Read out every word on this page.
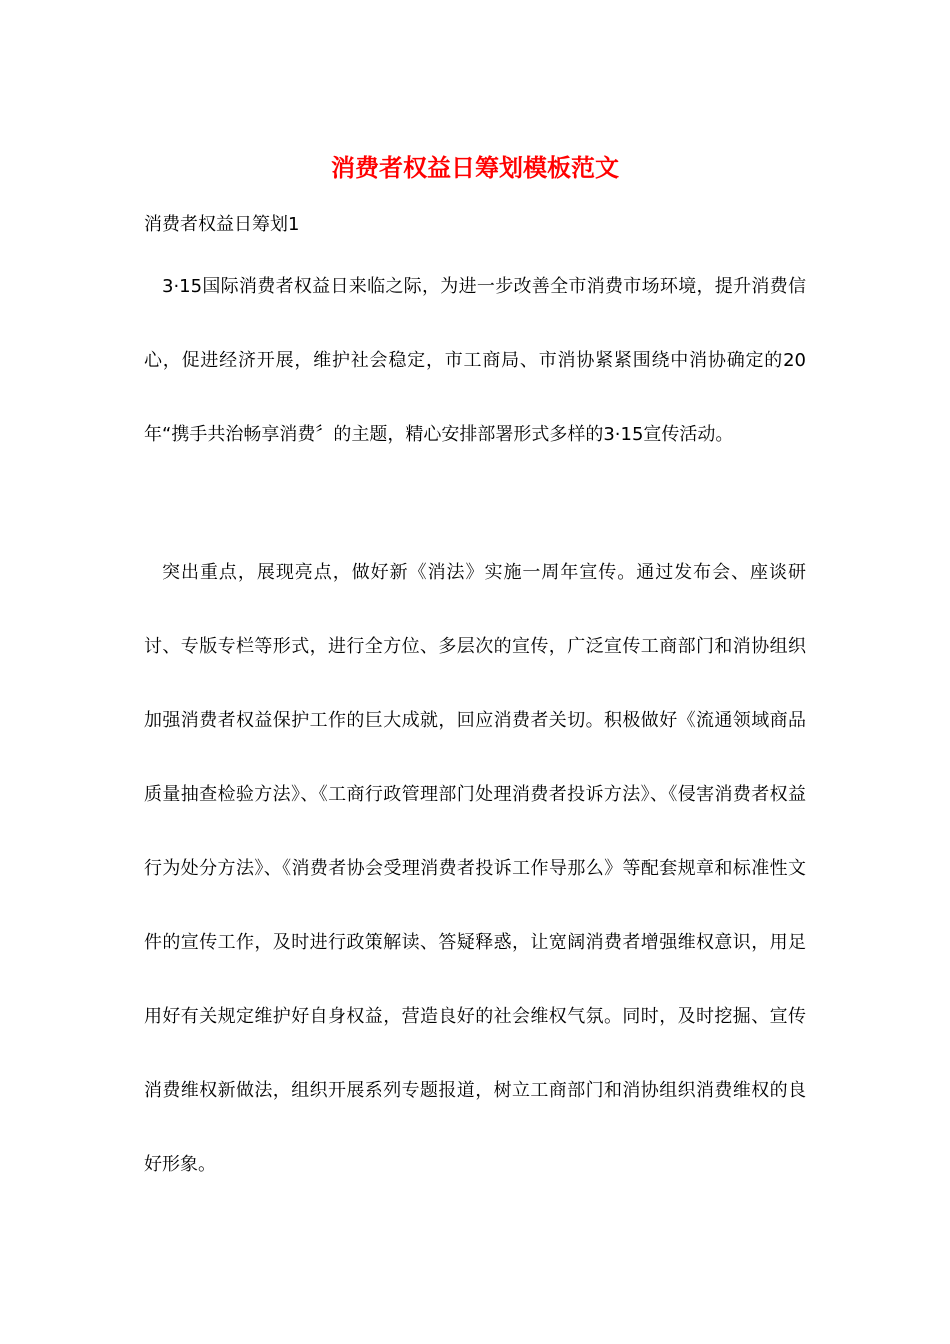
消费者权益日筹划模板范文

消费者权益日筹划1

3·15国际消费者权益日来临之际，为进一步改善全市消费市场环境，提升消费信心，促进经济开展，维护社会稳定，市工商局、市消协紧紧围绕中消协确定的20年“携手共治畅享消费〞的主题，精心安排部署形式多样的3·15宣传活动。

突出重点，展现亮点，做好新《消法》实施一周年宣传。通过发布会、座谈研讨、专版专栏等形式，进行全方位、多层次的宣传，广泛宣传工商部门和消协组织加强消费者权益保护工作的巨大成就，回应消费者关切。积极做好《流通领域商品质量抽查检验方法》、《工商行政管理部门处理消费者投诉方法》、《侵害消费者权益行为处分方法》、《消费者协会受理消费者投诉工作导那么》等配套规章和标准性文件的宣传工作，及时进行政策解读、答疑释惑，让宽阔消费者增强维权意识，用足用好有关规定维护好自身权益，营造良好的社会维权气氛。同时，及时挖掘、宣传消费维权新做法，组织开展系列专题报道，树立工商部门和消协组织消费维权的良好形象。
